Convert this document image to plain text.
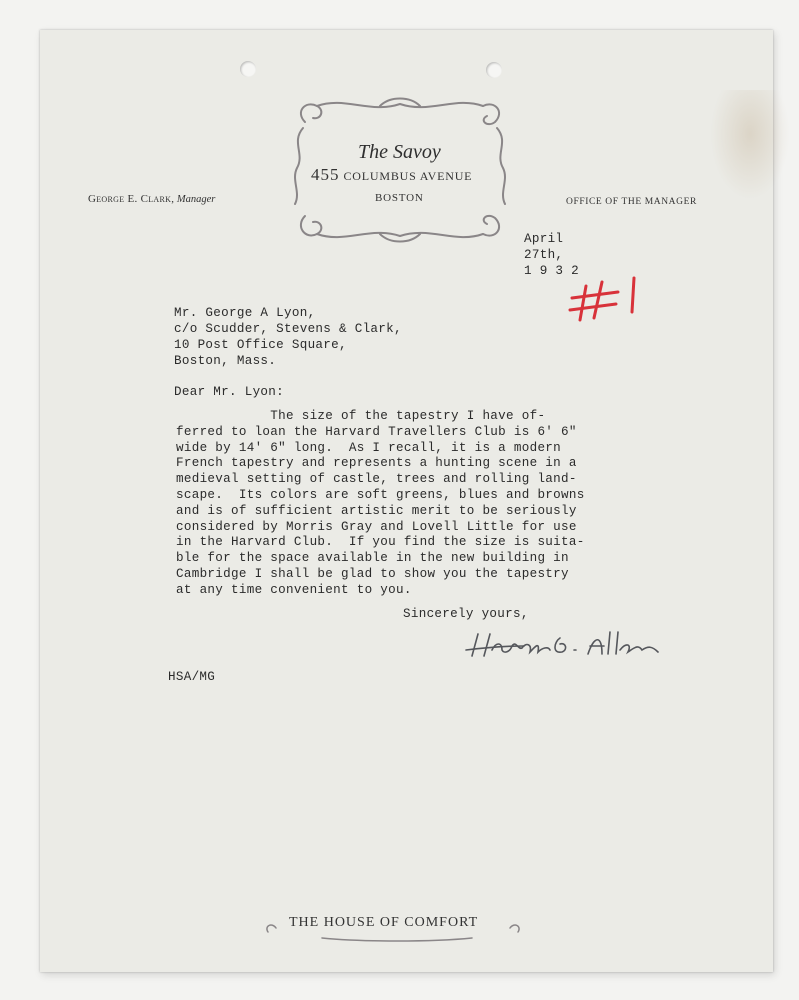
The Savoy
455 COLUMBUS AVENUE
BOSTON
George E. Clark, Manager	OFFICE OF THE MANAGER
April
27th,
1 9 3 2
Mr. George A Lyon,
c/o Scudder, Stevens & Clark,
10 Post Office Square,
Boston, Mass.
Dear Mr. Lyon:
The size of the tapestry I have of-
ferred to loan the Harvard Travellers Club is 6' 6"
wide by 14' 6" long.  As I recall, it is a modern
French tapestry and represents a hunting scene in a
medieval setting of castle, trees and rolling land-
scape.  Its colors are soft greens, blues and browns
and is of sufficient artistic merit to be seriously
considered by Morris Gray and Lovell Little for use
in the Harvard Club.  If you find the size is suita-
ble for the space available in the new building in
Cambridge I shall be glad to show you the tapestry
at any time convenient to you.
Sincerely yours,
HSA/MG
THE HOUSE OF COMFORT
